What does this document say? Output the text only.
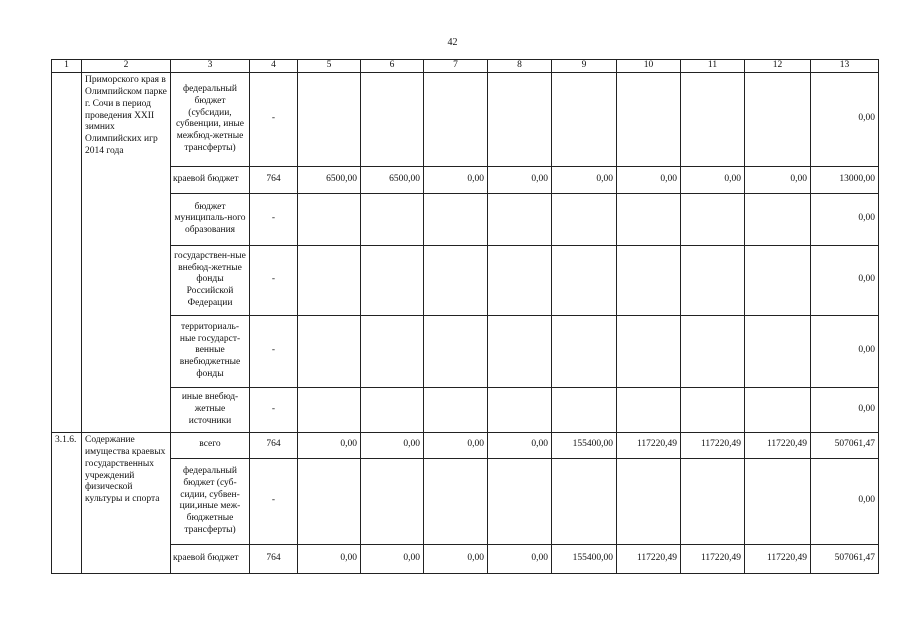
42
1	2	3	4	5	6	7	8	9	10	11	12	13
	Приморского края в Олимпийском парке г. Сочи в период проведения XXII зимних Олимпийских игр 2014 года	федеральный бюджет (субсидии, субвенции, иные межбюд-жетные трансферты)	-									0,00
		краевой бюджет	764	6500,00	6500,00	0,00	0,00	0,00	0,00	0,00	0,00	13000,00
		бюджет муниципаль-ного образования	-									0,00
		государствен-ные внебюд-жетные фонды Российской Федерации	-									0,00
		территориаль-ные государст-венные внебюджетные фонды	-									0,00
		иные внебюд-жетные источники	-									0,00
3.1.6.	Содержание имущества краевых государственных учреждений физической культуры и спорта	всего	764	0,00	0,00	0,00	0,00	155400,00	117220,49	117220,49	117220,49	507061,47
		федеральный бюджет (суб-сидии, субвен-ции,иные меж-бюджетные трансферты)	-									0,00
		краевой бюджет	764	0,00	0,00	0,00	0,00	155400,00	117220,49	117220,49	117220,49	507061,47
